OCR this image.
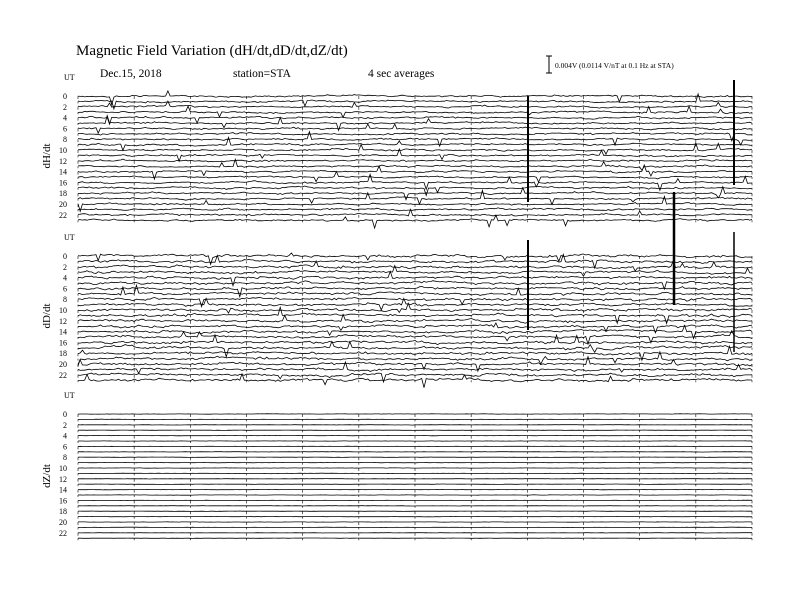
Magnetic Field Variation (dH/dt,dD/dt,dZ/dt)
Dec.15, 2018	station=STA	4 sec averages
0.004V (0.0114 V/nT at 0.1 Hz at STA)
UT
dH/dt
0
2
4
6
8
10
12
14
16
18
20
22
UT
dD/dt
0
2
4
6
8
10
12
14
16
18
20
22
UT
dZ/dt
0
2
4
6
8
10
12
14
16
18
20
22
